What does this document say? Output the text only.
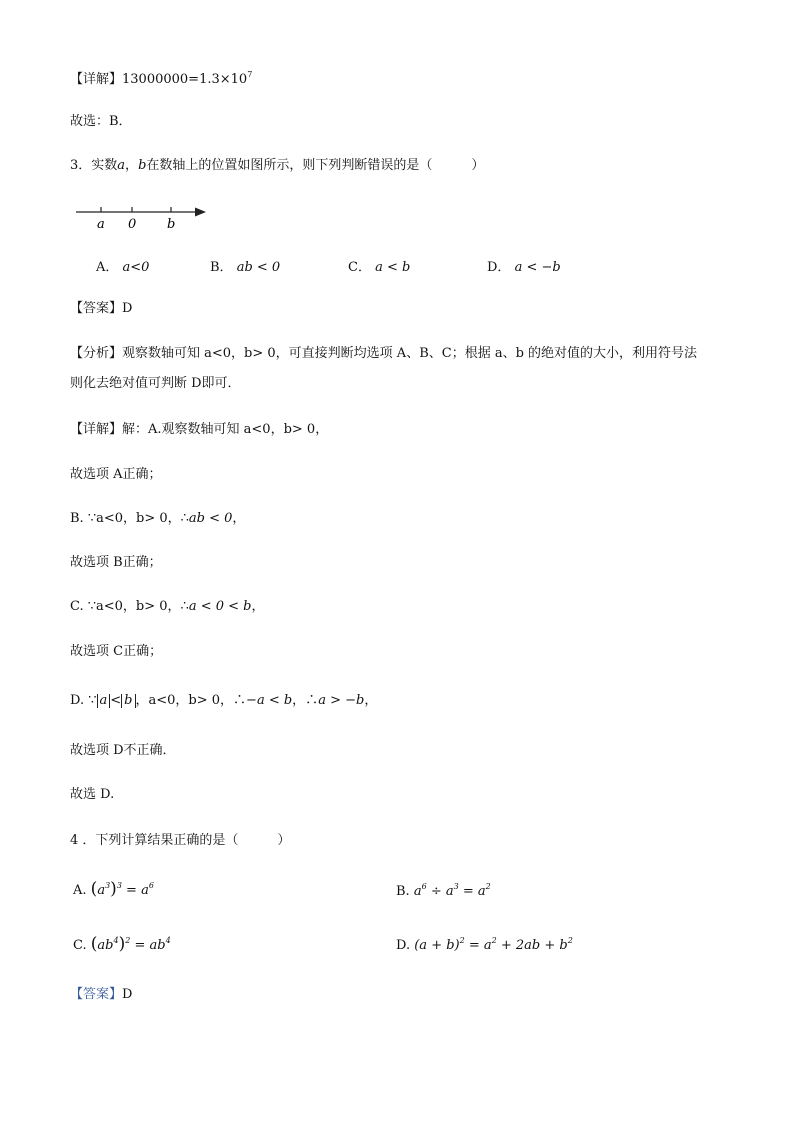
【详解】$13000000=1.3\times 10^7$
故选：B．
3．实数a，b在数轴上的位置如图所示，则下列判断错误的是（　　　）
a 0 b
A． a<0	B． ab < 0	C． a < b	D． a < −b
【答案】D
【分析】观察数轴可知 a<0，b> 0，可直接判断均选项 A、B、C；根据 a、b 的绝对值的大小，利用符号法
则化去绝对值可判断 D即可．
【详解】解：A.观察数轴可知 a<0，b> 0，
故选项 A正确；
B. ∵a<0，b> 0，∴ab < 0，
故选项 B正确；
C. ∵a<0，b> 0，∴a < 0 < b，
故选项 C正确；
D. ∵ a < b ，a<0，b> 0，∴−a < b，∴a > −b，
故选项 D不正确．
故选 D.
4 ．下列计算结果正确的是（　　　）
A. $(a^3)^3 = a^6$	B. $a^6 \div a^3 = a^2$
C. $(ab^4)^2 = ab^4$	D. $(a + b)^2 = a^2 + 2ab + b^2$
【答案】D
